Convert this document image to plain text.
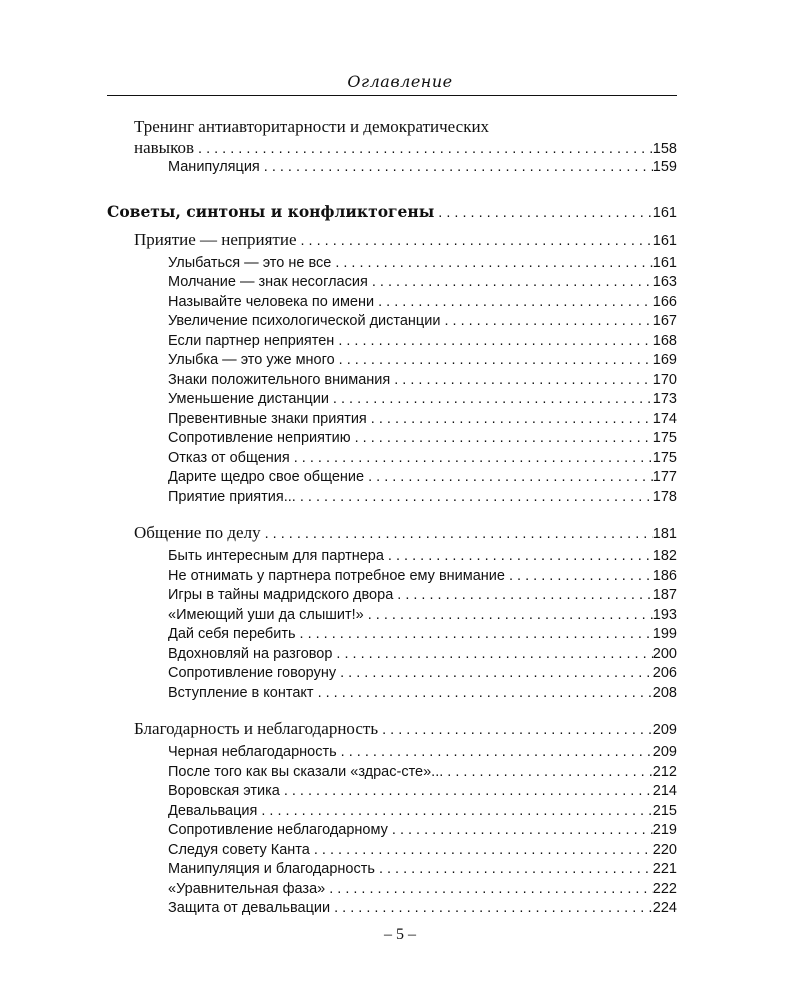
Оглавление
Тренинг антиавторитарности и демократических
навыков . . .	158
Манипуляция . . .	159
Советы, синтоны и конфликтогены . . .	161
Приятие — неприятие . . .	161
Улыбаться — это не все . . .	161
Молчание — знак несогласия . . .	163
Называйте человека по имени . . .	166
Увеличение психологической дистанции . . .	167
Если партнер неприятен . . .	168
Улыбка — это уже много . . .	169
Знаки положительного внимания . . .	170
Уменьшение дистанции . . .	173
Превентивные знаки приятия . . .	174
Сопротивление неприятию . . .	175
Отказ от общения . . .	175
Дарите щедро свое общение . . .	177
Приятие приятия... . . .	178
Общение по делу . . .	181
Быть интересным для партнера . . .	182
Не отнимать у партнера потребное ему внимание . . .	186
Игры в тайны мадридского двора . . .	187
«Имеющий уши да слышит!» . . .	193
Дай себя перебить . . .	199
Вдохновляй на разговор . . .	200
Сопротивление говоруну . . .	206
Вступление в контакт . . .	208
Благодарность и неблагодарность . . .	209
Черная неблагодарность . . .	209
После того как вы сказали «здрас-сте»... . . .	212
Воровская этика . . .	214
Девальвация . . .	215
Сопротивление неблагодарному . . .	219
Следуя совету Канта . . .	220
Манипуляция и благодарность . . .	221
«Уравнительная фаза» . . .	222
Защита от девальвации . . .	224
– 5 –
